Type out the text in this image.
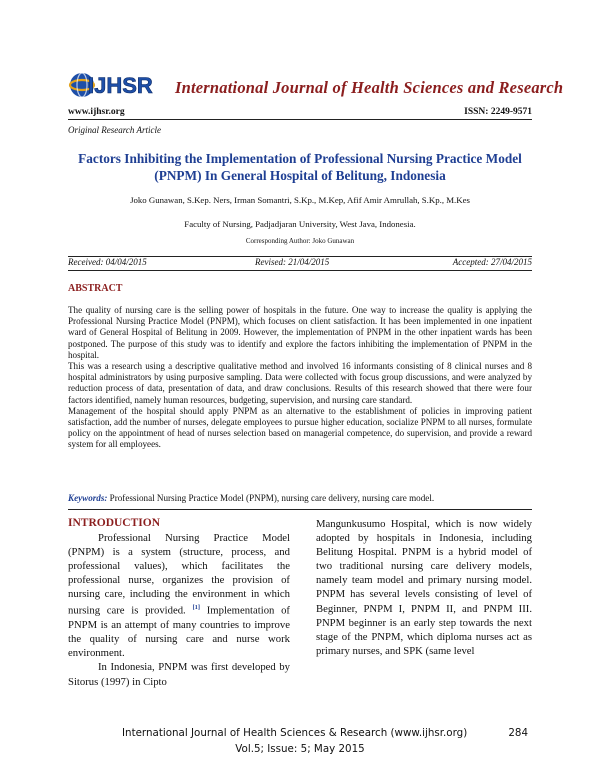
IJHSR International Journal of Health Sciences and Research
www.ijhsr.org	ISSN: 2249-9571
Original Research Article
Factors Inhibiting the Implementation of Professional Nursing Practice Model (PNPM) In General Hospital of Belitung, Indonesia
Joko Gunawan, S.Kep. Ners, Irman Somantri, S.Kp., M.Kep, Afif Amir Amrullah, S.Kp., M.Kes
Faculty of Nursing, Padjadjaran University, West Java, Indonesia.
Corresponding Author: Joko Gunawan
Received: 04/04/2015	Revised: 21/04/2015	Accepted: 27/04/2015
ABSTRACT

The quality of nursing care is the selling power of hospitals in the future. One way to increase the quality is applying the Professional Nursing Practice Model (PNPM), which focuses on client satisfaction. It has been implemented in one inpatient ward of General Hospital of Belitung in 2009. However, the implementation of PNPM in the other inpatient wards has been postponed. The purpose of this study was to identify and explore the factors inhibiting the implementation of PNPM in the hospital.

This was a research using a descriptive qualitative method and involved 16 informants consisting of 8 clinical nurses and 8 hospital administrators by using purposive sampling. Data were collected with focus group discussions, and were analyzed by reduction process of data, presentation of data, and draw conclusions. Results of this research showed that there were four factors identified, namely human resources, budgeting, supervision, and nursing care standard.

Management of the hospital should apply PNPM as an alternative to the establishment of policies in improving patient satisfaction, add the number of nurses, delegate employees to pursue higher education, socialize PNPM to all nurses, formulate policy on the appointment of head of nurses selection based on managerial competence, do supervision, and provide a reward system for all employees.

Keywords: Professional Nursing Practice Model (PNPM), nursing care delivery, nursing care model.
INTRODUCTION

Professional Nursing Practice Model (PNPM) is a system (structure, process, and professional values), which facilitates the professional nurse, organizes the provision of nursing care, including the environment in which nursing care is provided. [1] Implementation of PNPM is an attempt of many countries to improve the quality of nursing care and nurse work environment.

In Indonesia, PNPM was first developed by Sitorus (1997) in Cipto

Mangunkusumo Hospital, which is now widely adopted by hospitals in Indonesia, including Belitung Hospital. PNPM is a hybrid model of two traditional nursing care delivery models, namely team model and primary nursing model. PNPM has several levels consisting of level of Beginner, PNPM I, PNPM II, and PNPM III. PNPM beginner is an early step towards the next stage of the PNPM, which diploma nurses act as primary nurses, and SPK (same level

International Journal of Health Sciences & Research (www.ijhsr.org)	284
Vol.5; Issue: 5; May 2015
